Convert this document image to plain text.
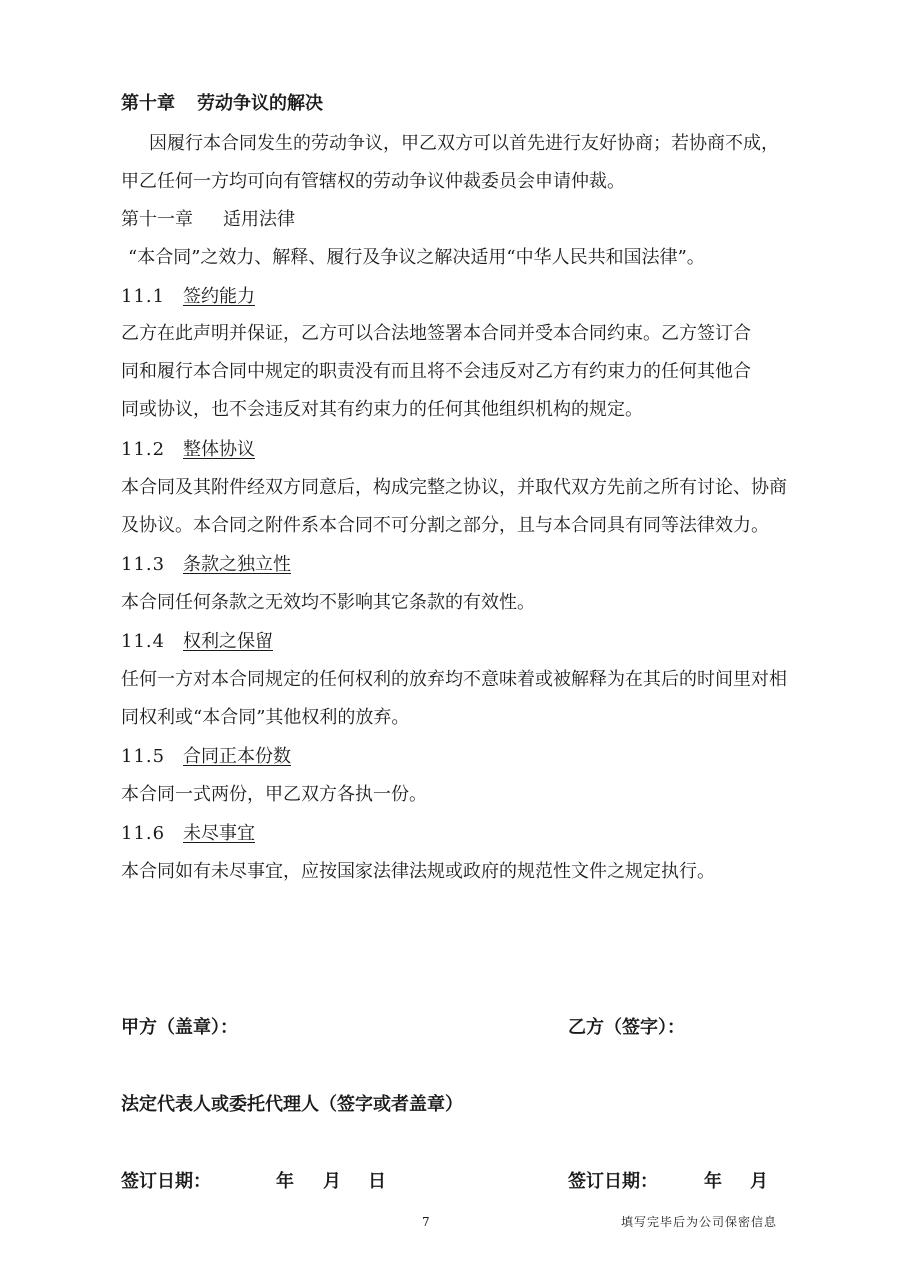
第十章 劳动争议的解决
因履行本合同发生的劳动争议，甲乙双方可以首先进行友好协商；若协商不成，
甲乙任何一方均可向有管辖权的劳动争议仲裁委员会申请仲裁。
第十一章 适用法律
“本合同”之效力、解释、履行及争议之解决适用“中华人民共和国法律”。
11.1 签约能力
乙方在此声明并保证，乙方可以合法地签署本合同并受本合同约束。乙方签订合
同和履行本合同中规定的职责没有而且将不会违反对乙方有约束力的任何其他合
同或协议，也不会违反对其有约束力的任何其他组织机构的规定。
11.2 整体协议
本合同及其附件经双方同意后，构成完整之协议，并取代双方先前之所有讨论、协商
及协议。本合同之附件系本合同不可分割之部分，且与本合同具有同等法律效力。
11.3 条款之独立性
本合同任何条款之无效均不影响其它条款的有效性。
11.4 权利之保留
任何一方对本合同规定的任何权利的放弃均不意味着或被解释为在其后的时间里对相
同权利或“本合同”其他权利的放弃。
11.5 合同正本份数
本合同一式两份，甲乙双方各执一份。
11.6 未尽事宜
本合同如有未尽事宜，应按国家法律法规或政府的规范性文件之规定执行。
甲方（盖章）：	乙方（签字）：
法定代表人或委托代理人（签字或者盖章）
签订日期：	年 月 日	签订日期：	年 月
7	填写完毕后为公司保密信息
